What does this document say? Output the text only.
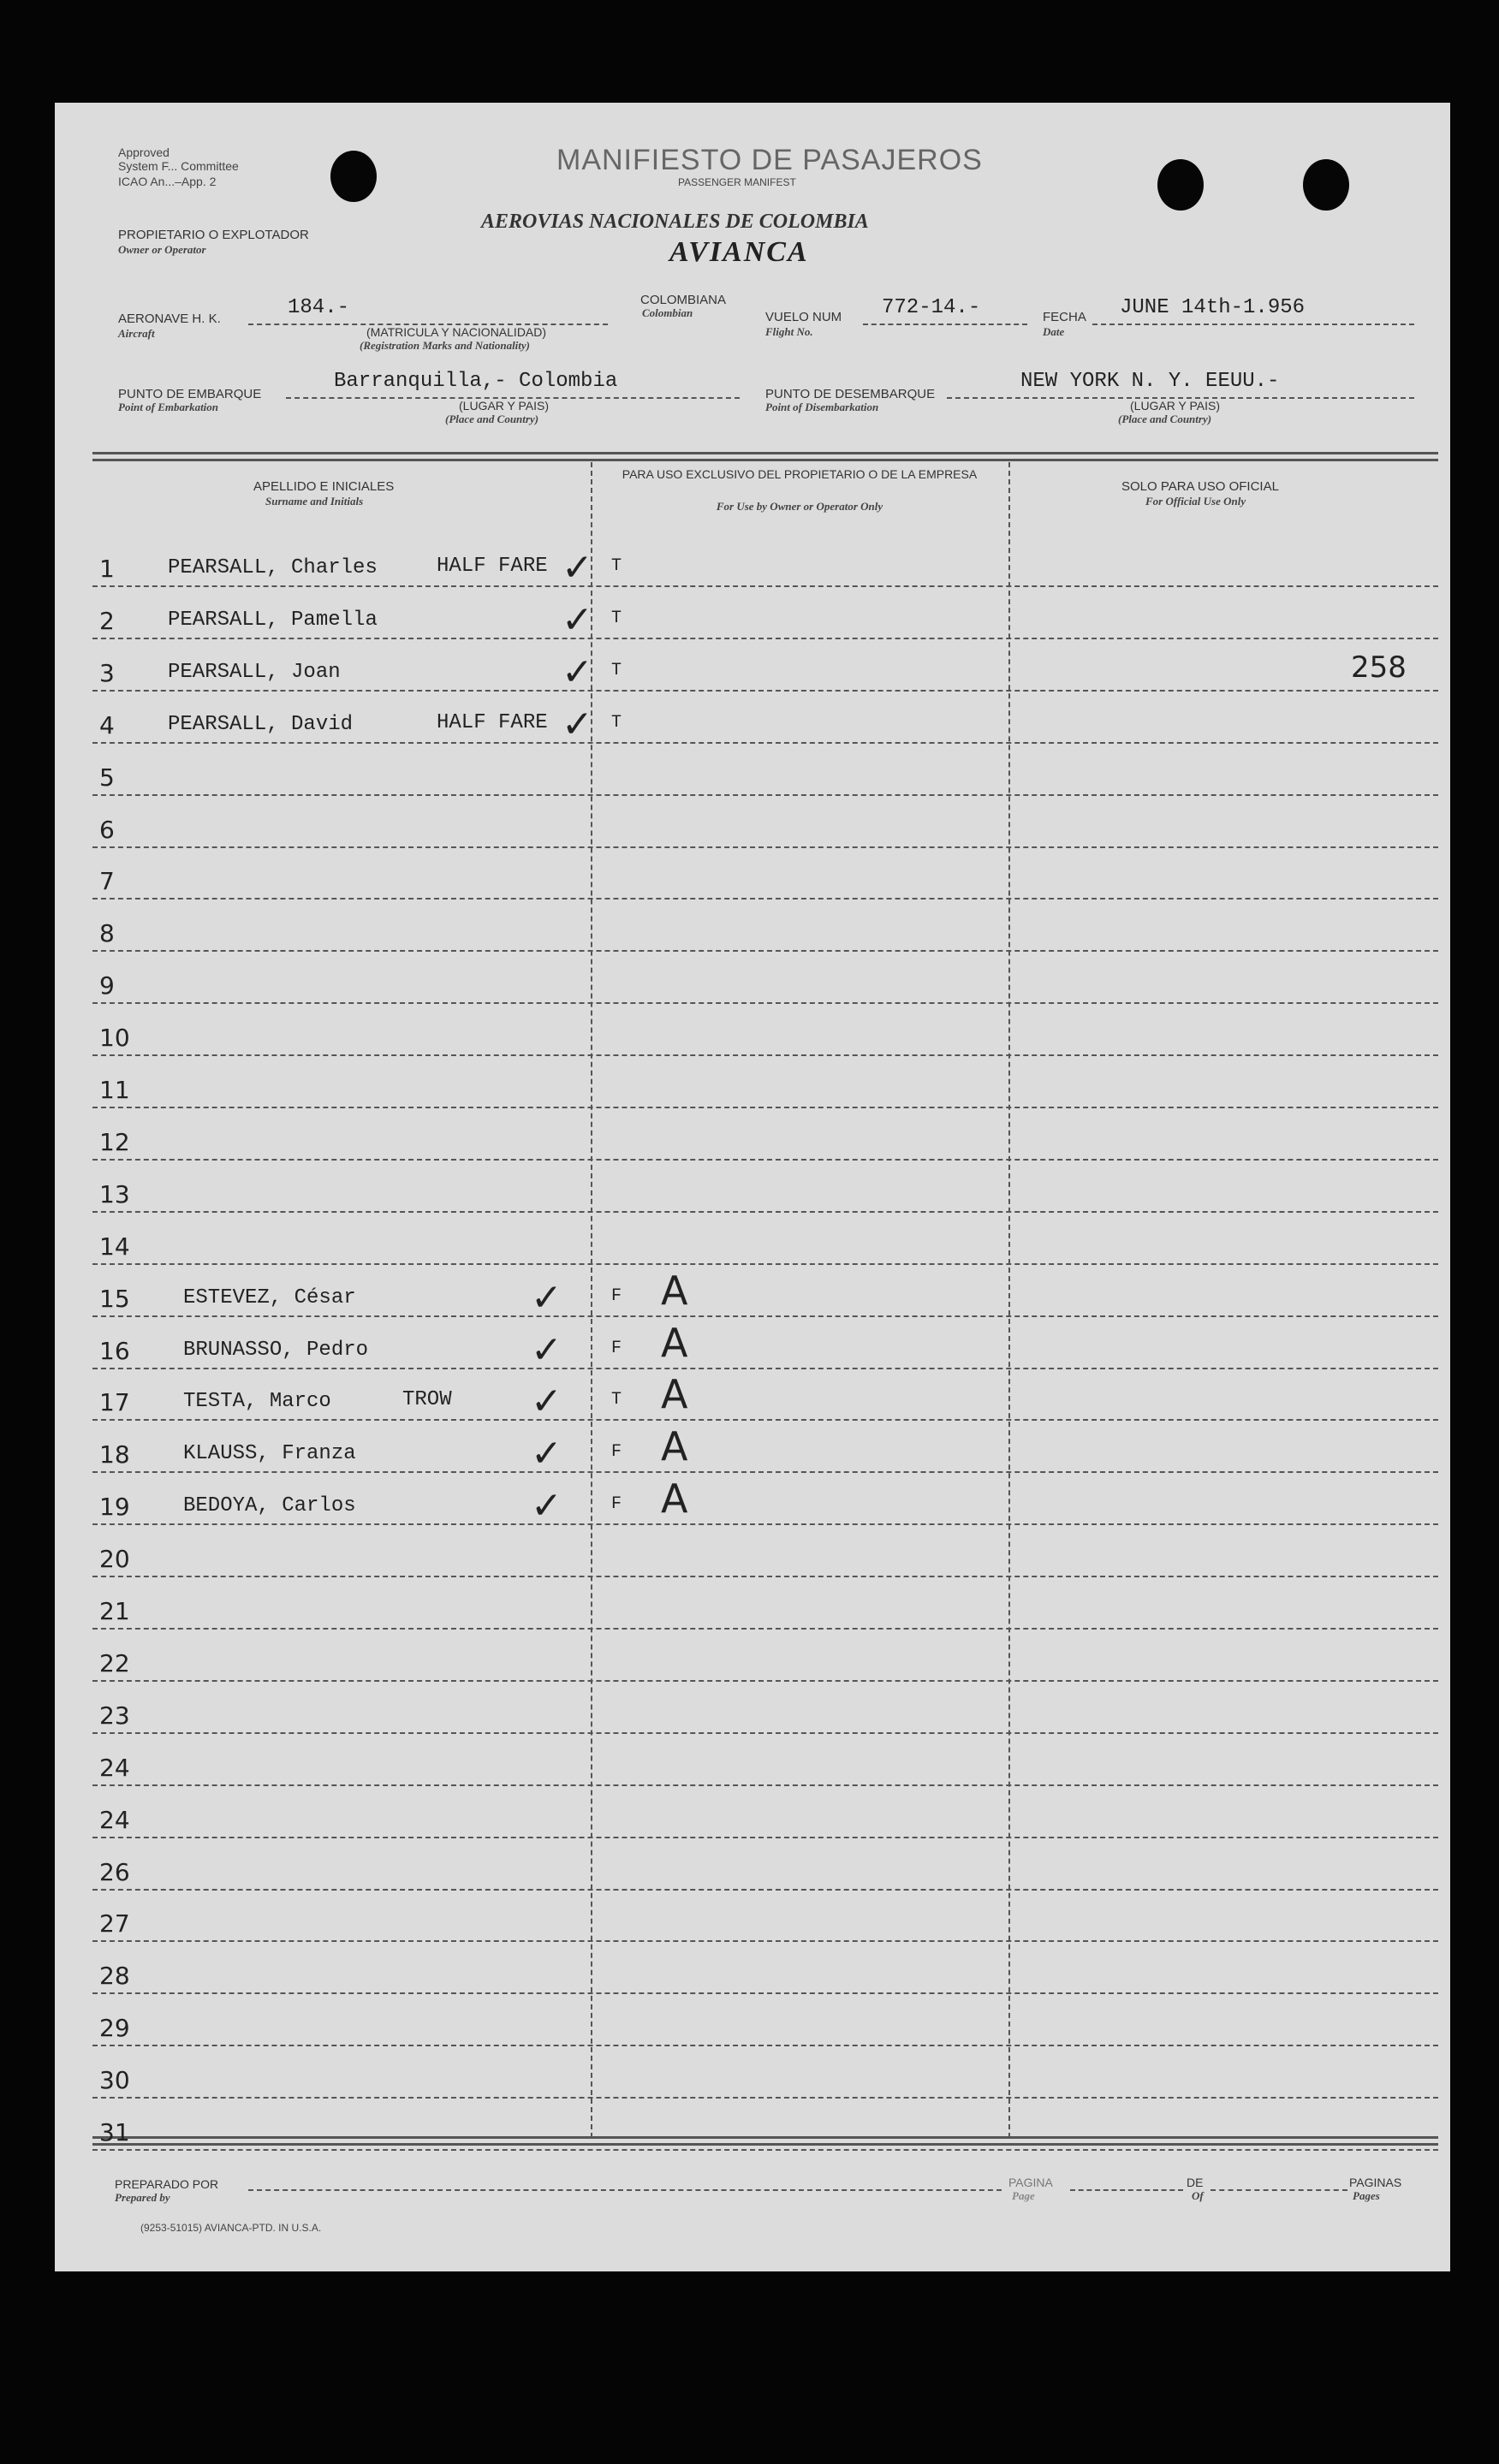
Approved
System F... Committee
ICAO An...–App. 2
MANIFIESTO DE PASAJEROS
PASSENGER MANIFEST
PROPIETARIO O EXPLOTADOR
Owner or Operator
AEROVIAS NACIONALES DE COLOMBIA
AVIANCA
AERONAVE H. K.
Aircraft
184.-
(MATRICULA Y NACIONALIDAD)
(Registration Marks and Nationality)
COLOMBIANA
Colombian	VUELO NUM
Flight No.
772-14.-	FECHA
Date
JUNE 14th-1.956
PUNTO DE EMBARQUE
Point of Embarkation
Barranquilla,- Colombia
(LUGAR Y PAIS)
(Place and Country)
PUNTO DE DESEMBARQUE
Point of Disembarkation
NEW YORK N. Y. EEUU.-
(LUGAR Y PAIS)
(Place and Country)
APELLIDO E INICIALES
Surname and Initials
PARA USO EXCLUSIVO DEL PROPIETARIO O DE LA EMPRESA
For Use by Owner or Operator Only
SOLO PARA USO OFICIAL
For Official Use Only
1	PEARSALL, Charles	HALF FARE ✓ T
2	PEARSALL, Pamella	✓ T
3	PEARSALL, Joan	✓ T	258
4	PEARSALL, David	HALF FARE ✓ T
5
6
7
8
9
10
11
12
13
14
15	ESTEVEZ, César	✓	F A
16	BRUNASSO, Pedro	✓	F A
17	TESTA, Marco	TROW ✓	T A
18	KLAUSS, Franza	✓	F A
19	BEDOYA, Carlos	✓	F A
20
21
22
23
24
24
26
27
28
29
30
31
PREPARADO POR
Prepared by
PAGINA
Page
DE
Of
PAGINAS
Pages
(9253-51015) AVIANCA-PTD. IN U.S.A.
